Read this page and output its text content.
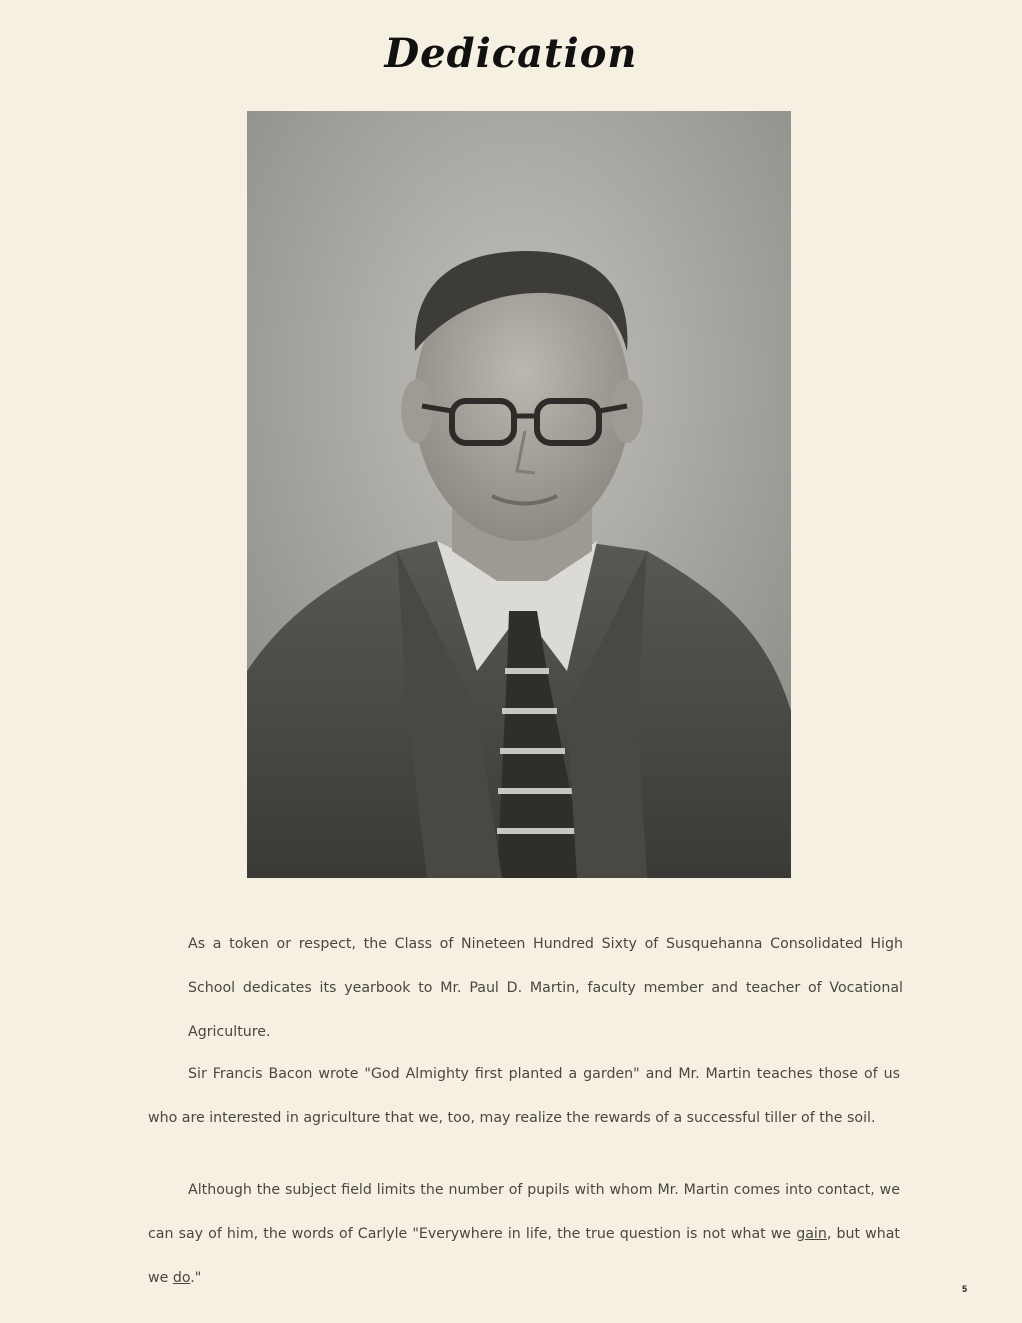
Dedication

As a token or respect, the Class of Nineteen Hundred Sixty of Susquehanna Consolidated High School dedicates its yearbook to Mr. Paul D. Martin, faculty member and teacher of Vocational Agriculture.

Sir Francis Bacon wrote "God Almighty first planted a garden" and Mr. Martin teaches those of us who are interested in agriculture that we, too, may realize the rewards of a successful tiller of the soil.

Although the subject field limits the number of pupils with whom Mr. Martin comes into contact, we can say of him, the words of Carlyle "Everywhere in life, the true question is not what we gain, but what we do."

5
